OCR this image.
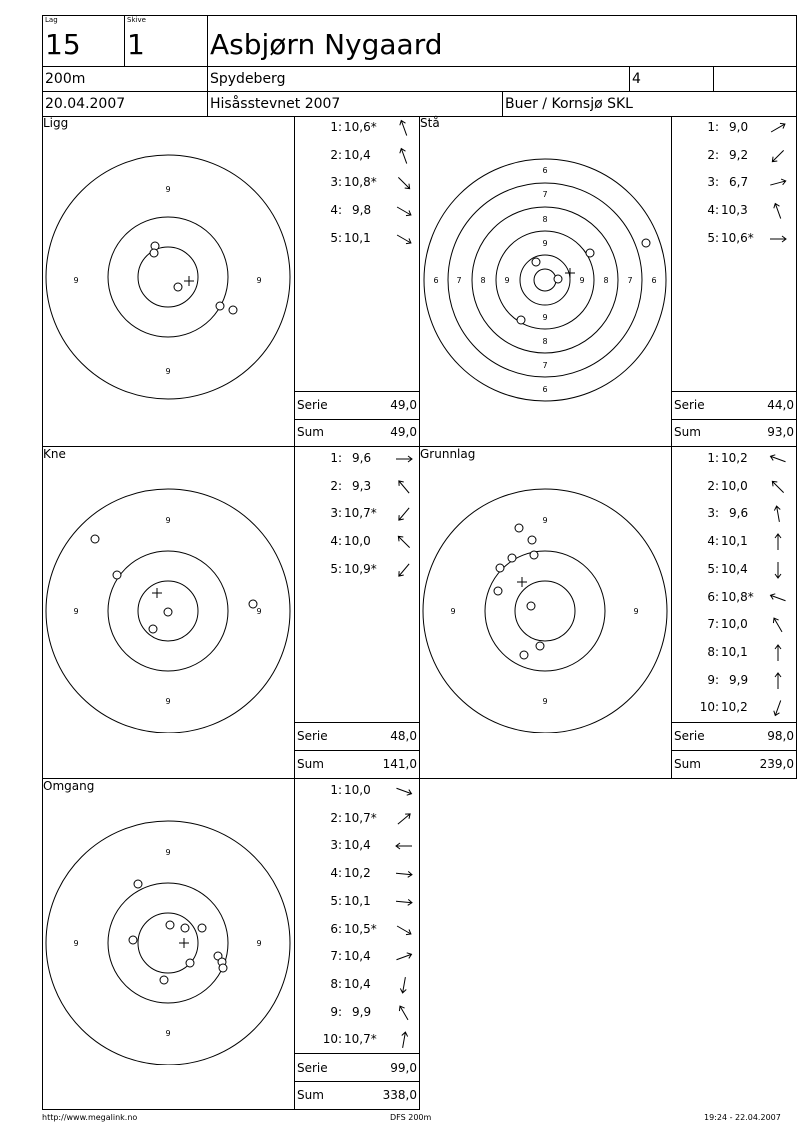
Lag	Skive
15 1 Asbjørn Nygaard
200m	Spydeberg	4
20.04.2007	Hisåsstevnet 2007	Buer / Kornsjø SKL
Ligg	Stå
Kne	Grunnlag
Omgang
9
9
9	9
6
7
8
9
9
8
7
6
6 7 8 9	9 8 7 6
9
9
9	9
9
9
9	9
9
9
9	9
1: 10,6*
2: 10,4
3: 10,8*
4: 9,8
5: 10,1
1: 9,0
2: 9,2
3: 6,7
4: 10,3
5: 10,6*
1: 9,6
2: 9,3
3: 10,7*
4: 10,0
5: 10,9*
1: 10,2
2: 10,0
3: 9,6
4: 10,1
5: 10,4
6: 10,8*
7: 10,0
8: 10,1
9: 9,9
10: 10,2
1: 10,0
2: 10,7*
3: 10,4
4: 10,2
5: 10,1
6: 10,5*
7: 10,4
8: 10,4
9: 9,9
10: 10,7*
Serie	49,0
Sum	49,0
Serie	44,0
Sum	93,0
Serie	48,0
Sum	141,0
Serie	98,0
Sum	239,0
Serie	99,0
Sum	338,0
http://www.megalink.no	DFS 200m	19:24 - 22.04.2007
